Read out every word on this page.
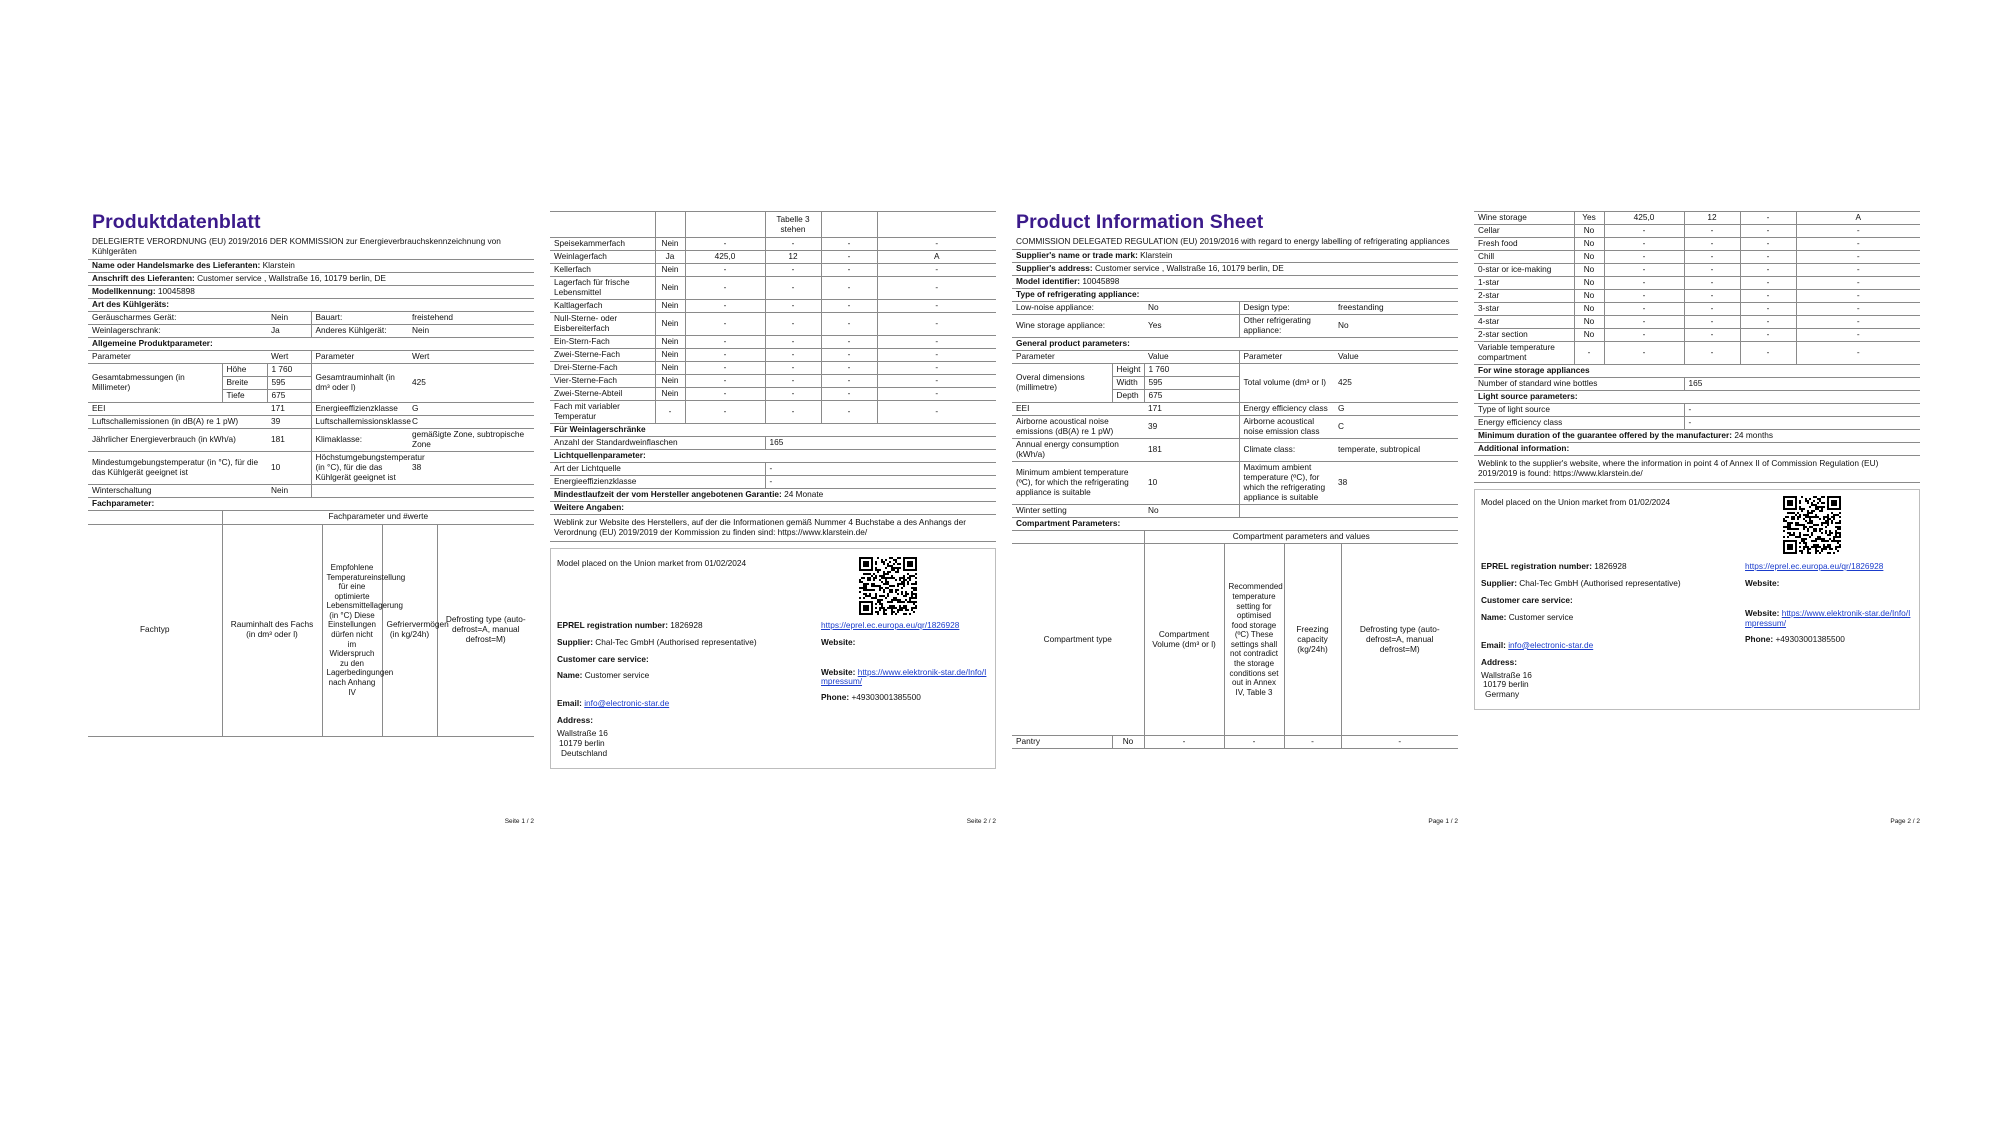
Produktdatenblatt
DELEGIERTE VERORDNUNG (EU) 2019/2016 DER KOMMISSION zur Energieverbrauchskennzeichnung von Kühlgeräten
Name oder Handelsmarke des Lieferanten: Klarstein				
Anschrift des Lieferanten: Customer service , Wallstraße 16, 10179 berlin, DE				
Modellkennung: 10045898				
Art des Kühlgeräts:				
Geräuscharmes Gerät:		Nein	Bauart:	freistehend
Weinlagerschrank:		Ja	Anderes Kühlgerät:	Nein
Allgemeine Produktparameter:				
Parameter		Wert	Parameter	Wert
Gesamtabmessungen (in Millimeter)	Höhe	1 760	Gesamtrauminhalt (in dm³ oder l)	425
	Breite	595		
	Tiefe	675		
EEI		171	Energieeffizienzklasse	G
Luftschallemissionen (in dB(A) re 1 pW)		39	Luftschallemissionsklasse	C
Jährlicher Energieverbrauch (in kWh/a)		181	Klimaklasse:	gemäßigte Zone, subtropische Zone
Mindestumgebungstemperatur (in °C), für die das Kühlgerät geeignet ist		10	Höchstumgebungstemperatur (in °C), für die das Kühlgerät geeignet ist	38
Winterschaltung		Nein		
Fachparameter:				
	Fachparameter und #werte			
Fachtyp	Rauminhalt des Fachs (in dm³ oder l)	Empfohlene Temperatureinstellung für eine optimierte Lebensmittellagerung (in °C) Diese Einstellungen dürfen nicht im Widerspruch zu den Lagerbedingungen nach Anhang IV	Gefriervermögen (in kg/24h)	Defrosting type (auto-defrost=A, manual defrost=M)
Seite 1 / 2
			Tabelle 3 stehen		
Speisekammerfach	Nein	-	-	-	-
Weinlagerfach	Ja	425,0	12	-	A
Kellerfach	Nein	-	-	-	-
Lagerfach für frische Lebensmittel	Nein	-	-	-	-
Kaltlagerfach	Nein	-	-	-	-
Null-Sterne- oder Eisbereiterfach	Nein	-	-	-	-
Ein-Stern-Fach	Nein	-	-	-	-
Zwei-Sterne-Fach	Nein	-	-	-	-
Drei-Sterne-Fach	Nein	-	-	-	-
Vier-Sterne-Fach	Nein	-	-	-	-
Zwei-Sterne-Abteil	Nein	-	-	-	-
Fach mit variabler Temperatur	-	-	-	-	-
Für Weinlagerschränke					
Anzahl der Standardweinflaschen			165		
Lichtquellenparameter:					
Art der Lichtquelle			-		
Energieeffizienzklasse			-		
Mindestlaufzeit der vom Hersteller angebotenen Garantie: 24 Monate					
Weitere Angaben:					
Weblink zur Website des Herstellers, auf der die Informationen gemäß Nummer 4 Buchstabe a des Anhangs der Verordnung (EU) 2019/2019 der Kommission zu finden sind: https://www.klarstein.de/					
Model placed on the Union market from 01/02/2024
EPREL registration number: 1826928
Supplier: Chal-Tec GmbH (Authorised representative)
Customer care service:
Name: Customer service
Email: info@electronic-star.de
Address:
Wallstraße 16
10179 berlin
Deutschland
https://eprel.ec.europa.eu/qr/1826928
Website:
Website: https://www.elektronik-star.de/Info/Impressum/
Phone: +49303001385500
Seite 2 / 2
Product Information Sheet
COMMISSION DELEGATED REGULATION (EU) 2019/2016 with regard to energy labelling of refrigerating appliances
Supplier's name or trade mark: Klarstein				
Supplier's address: Customer service , Wallstraße 16, 10179 berlin, DE				
Model identifier: 10045898				
Type of refrigerating appliance:				
Low-noise appliance:		No	Design type:	freestanding
Wine storage appliance:		Yes	Other refrigerating appliance:	No
General product parameters:				
Parameter		Value	Parameter	Value
Overal dimensions (millimetre)	Height	1 760	Total volume (dm³ or l)	425
	Width	595		
	Depth	675		
EEI		171	Energy efficiency class	G
Airborne acoustical noise emissions (dB(A) re 1 pW)		39	Airborne acoustical noise emission class	C
Annual energy consumption (kWh/a)		181	Climate class:	temperate, subtropical
Minimum ambient temperature (ºC), for which the refrigerating appliance is suitable		10	Maximum ambient temperature (ºC), for which the refrigerating appliance is suitable	38
Winter setting		No		
Compartment Parameters:				
		Compartment parameters and values			
Compartment type		Compartment Volume (dm³ or l)	Recommended temperature setting for optimised food storage (ºC) These settings shall not contradict the storage conditions set out in Annex IV, Table 3	Freezing capacity (kg/24h)	Defrosting type (auto-defrost=A, manual defrost=M)
Pantry	No	-	-	-	-
Page 1 / 2
Wine storage	Yes	425,0	12	-	A
Cellar	No	-	-	-	-
Fresh food	No	-	-	-	-
Chill	No	-	-	-	-
0-star or ice-making	No	-	-	-	-
1-star	No	-	-	-	-
2-star	No	-	-	-	-
3-star	No	-	-	-	-
4-star	No	-	-	-	-
2-star section	No	-	-	-	-
Variable temperature compartment	-	-	-	-	-
For wine storage appliances					
Number of standard wine bottles			165		
Light source parameters:					
Type of light source			-		
Energy efficiency class			-		
Minimum duration of the guarantee offered by the manufacturer: 24 months					
Additional information:					
Weblink to the supplier's website, where the information in point 4 of Annex II of Commission Regulation (EU) 2019/2019 is found: https://www.klarstein.de/					
Model placed on the Union market from 01/02/2024
EPREL registration number: 1826928
Supplier: Chal-Tec GmbH (Authorised representative)
Customer care service:
Name: Customer service
Email: info@electronic-star.de
Address:
Wallstraße 16
10179 berlin
Germany
https://eprel.ec.europa.eu/qr/1826928
Website:
Website: https://www.elektronik-star.de/Info/Impressum/
Phone: +49303001385500
Page 2 / 2
